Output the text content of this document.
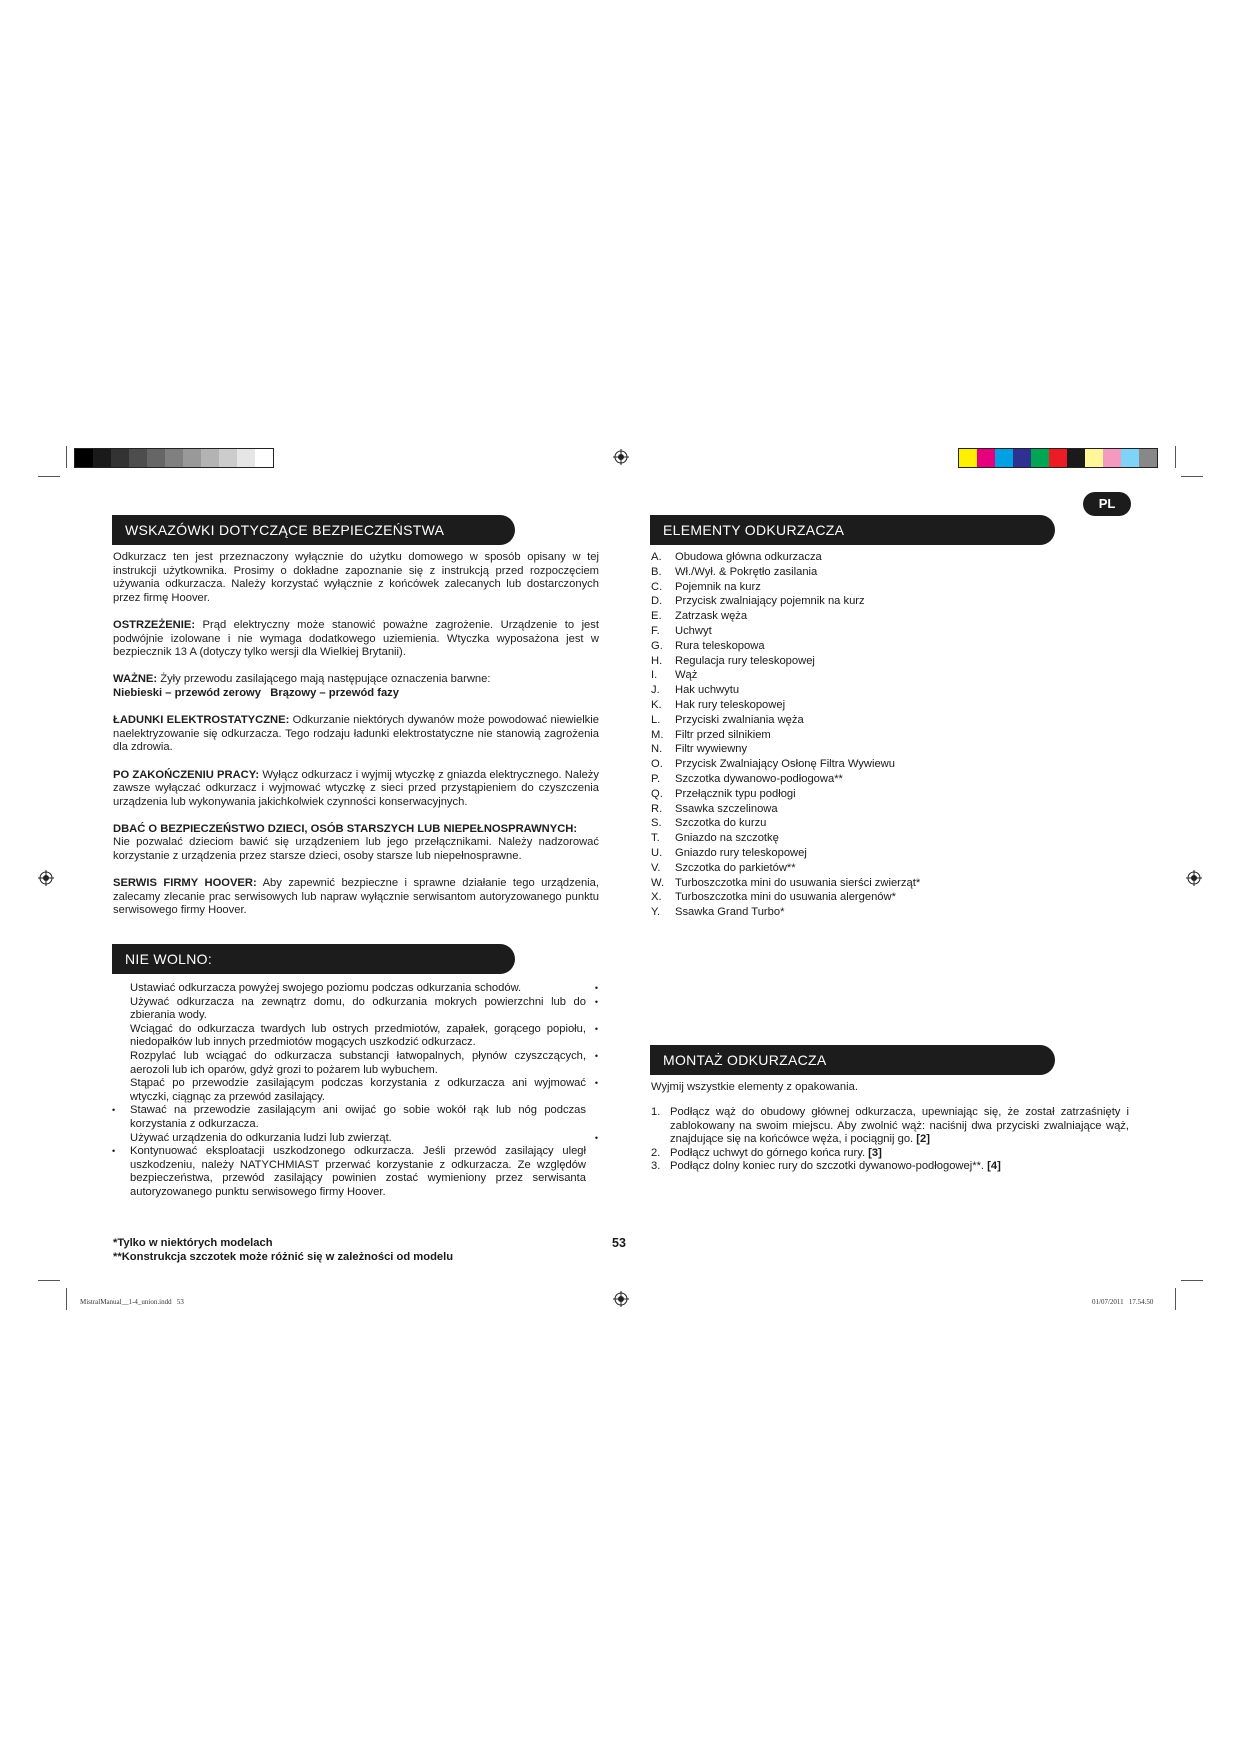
PL
WSKAZÓWKI DOTYCZĄCE BEZPIECZEŃSTWA

Odkurzacz ten jest przeznaczony wyłącznie do użytku domowego w sposób opisany w tej instrukcji użytkownika. Prosimy o dokładne zapoznanie się z instrukcją przed rozpoczęciem używania odkurzacza. Należy korzystać wyłącznie z końcówek zalecanych lub dostarczonych przez firmę Hoover.

OSTRZEŻENIE: Prąd elektryczny może stanowić poważne zagrożenie. Urządzenie to jest podwójnie izolowane i nie wymaga dodatkowego uziemienia. Wtyczka wyposażona jest w bezpiecznik 13 A (dotyczy tylko wersji dla Wielkiej Brytanii).

WAŻNE: Żyły przewodu zasilającego mają następujące oznaczenia barwne:
Niebieski – przewód zerowy   Brązowy – przewód fazy

ŁADUNKI ELEKTROSTATYCZNE: Odkurzanie niektórych dywanów może powodować niewielkie naelektryzowanie się odkurzacza. Tego rodzaju ładunki elektrostatyczne nie stanowią zagrożenia dla zdrowia.

PO ZAKOŃCZENIU PRACY: Wyłącz odkurzacz i wyjmij wtyczkę z gniazda elektrycznego. Należy zawsze wyłączać odkurzacz i wyjmować wtyczkę z sieci przed przystąpieniem do czyszczenia urządzenia lub wykonywania jakichkolwiek czynności konserwacyjnych.

DBAĆ O BEZPIECZEŃSTWO DZIECI, OSÓB STARSZYCH LUB NIEPEŁNOSPRAWNYCH:
Nie pozwalać dzieciom bawić się urządzeniem lub jego przełącznikami. Należy nadzorować korzystanie z urządzenia przez starsze dzieci, osoby starsze lub niepełnosprawne.

SERWIS FIRMY HOOVER: Aby zapewnić bezpieczne i sprawne działanie tego urządzenia, zalecamy zlecanie prac serwisowych lub napraw wyłącznie serwisantom autoryzowanego punktu serwisowego firmy Hoover.

NIE WOLNO:
Ustawiać odkurzacza powyżej swojego poziomu podczas odkurzania schodów.	•
Używać odkurzacza na zewnątrz domu, do odkurzania mokrych powierzchni lub do zbierania wody.
•
Wciągać do odkurzacza twardych lub ostrych przedmiotów, zapałek, gorącego popiołu, niedopałków lub innych przedmiotów mogących uszkodzić odkurzacz.
•
Rozpylać lub wciągać do odkurzacza substancji łatwopalnych, płynów czyszczących, aerozoli lub ich oparów, gdyż grozi to pożarem lub wybuchem.
•
Stąpać po przewodzie zasilającym podczas korzystania z odkurzacza ani wyjmować wtyczki, ciągnąc za przewód zasilający.
•
• Stawać na przewodzie zasilającym ani owijać go sobie wokół rąk lub nóg podczas korzystania z odkurzacza.
Używać urządzenia do odkurzania ludzi lub zwierząt.	•
• Kontynuować eksploatacji uszkodzonego odkurzacza. Jeśli przewód zasilający uległ uszkodzeniu, należy NATYCHMIAST przerwać korzystanie z odkurzacza. Ze względów bezpieczeństwa, przewód zasilający powinien zostać wymieniony przez serwisanta autoryzowanego punktu serwisowego firmy Hoover.
ELEMENTY ODKURZACZA
A.	Obudowa główna odkurzacza
B.	Wł./Wył. & Pokrętło zasilania
C.	Pojemnik na kurz
D.	Przycisk zwalniający pojemnik na kurz
E.	Zatrzask węża
F.	Uchwyt
G.	Rura teleskopowa
H.	Regulacja rury teleskopowej
I.	Wąż
J.	Hak uchwytu
K.	Hak rury teleskopowej
L.	Przyciski zwalniania węża
M.	Filtr przed silnikiem
N.	Filtr wywiewny
O.	Przycisk Zwalniający Osłonę Filtra Wywiewu
P.	Szczotka dywanowo-podłogowa**
Q.	Przełącznik typu podłogi
R.	Ssawka szczelinowa
S.	Szczotka do kurzu
T.	Gniazdo na szczotkę
U.	Gniazdo rury teleskopowej
V.	Szczotka do parkietów**
W. Turboszczotka mini do usuwania sierści zwierząt*
X.	Turboszczotka mini do usuwania alergenów*
Y.	Ssawka Grand Turbo*
MONTAŻ ODKURZACZA
Wyjmij wszystkie elementy z opakowania.
1. Podłącz wąż do obudowy głównej odkurzacza, upewniając się, że został zatrzaśnięty i zablokowany na swoim miejscu. Aby zwolnić wąż: naciśnij dwa przyciski zwalniające wąż, znajdujące się na końcówce węża, i pociągnij go. [2]
2. Podłącz uchwyt do górnego końca rury. [3]
3. Podłącz dolny koniec rury do szczotki dywanowo-podłogowej**. [4]
*Tylko w niektórych modelach
**Konstrukcja szczotek może różnić się w zależności od modelu
53
MistralManual__1-4_union.indd   53	01/07/2011   17.54.50
